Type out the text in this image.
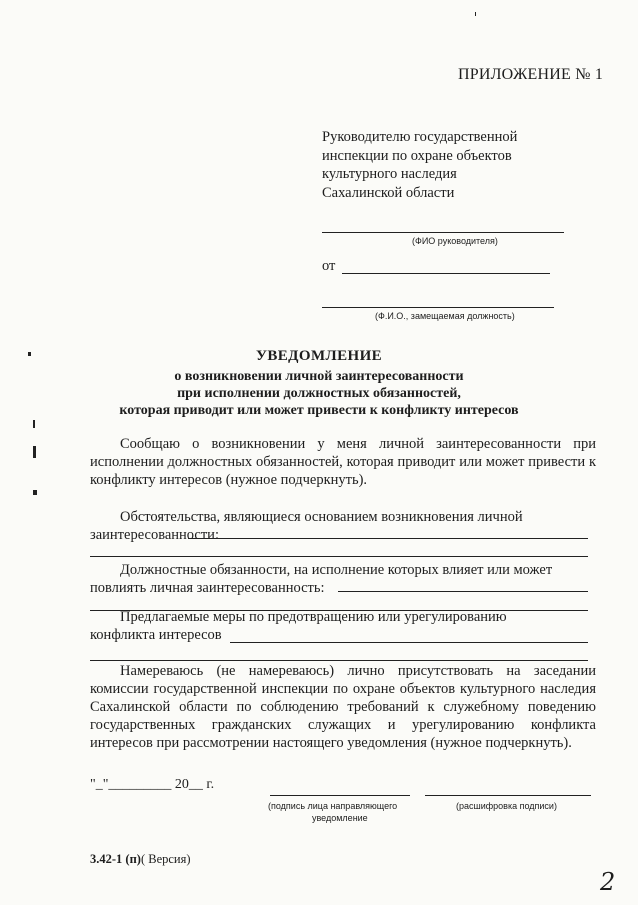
ПРИЛОЖЕНИЕ № 1
Руководителю государственной
инспекции по охране объектов
культурного наследия
Сахалинской области
(ФИО руководителя)
от
(Ф.И.О., замещаемая должность)
УВЕДОМЛЕНИЕ
о возникновении личной заинтересованности
при исполнении должностных обязанностей,
которая приводит или может привести к конфликту интересов
Сообщаю о возникновении у меня личной заинтересованности при исполнении должностных обязанностей, которая приводит или может привести к конфликту интересов (нужное подчеркнуть).
Обстоятельства, являющиеся основанием возникновения личной заинтересованности:
Должностные обязанности, на исполнение которых влияет или может повлиять личная заинтересованность:
Предлагаемые меры по предотвращению или урегулированию конфликта интересов
Намереваюсь (не намереваюсь) лично присутствовать на заседании комиссии государственной инспекции по охране объектов культурного наследия Сахалинской области по соблюдению требований к служебному поведению государственных гражданских служащих и урегулированию конфликта интересов при рассмотрении настоящего уведомления (нужное подчеркнуть).
"_"_________ 20__ г.
(подпись лица направляющего
уведомление
(расшифровка подписи)
3.42-1 (п)( Версия)
2
